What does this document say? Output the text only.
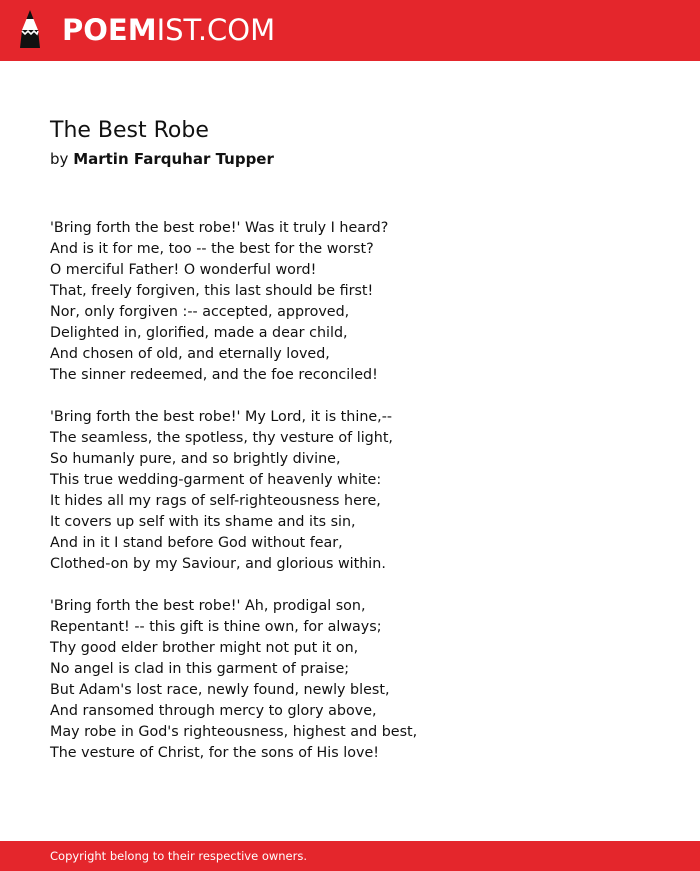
POEMIST.COM
The Best Robe
by Martin Farquhar Tupper
'Bring forth the best robe!' Was it truly I heard?
And is it for me, too -- the best for the worst?
O merciful Father! O wonderful word!
That, freely forgiven, this last should be first!
Nor, only forgiven :-- accepted, approved,
Delighted in, glorified, made a dear child,
And chosen of old, and eternally loved,
The sinner redeemed, and the foe reconciled!
'Bring forth the best robe!' My Lord, it is thine,--
The seamless, the spotless, thy vesture of light,
So humanly pure, and so brightly divine,
This true wedding-garment of heavenly white:
It hides all my rags of self-righteousness here,
It covers up self with its shame and its sin,
And in it I stand before God without fear,
Clothed-on by my Saviour, and glorious within.
'Bring forth the best robe!' Ah, prodigal son,
Repentant! -- this gift is thine own, for always;
Thy good elder brother might not put it on,
No angel is clad in this garment of praise;
But Adam's lost race, newly found, newly blest,
And ransomed through mercy to glory above,
May robe in God's righteousness, highest and best,
The vesture of Christ, for the sons of His love!
Copyright belong to their respective owners.
